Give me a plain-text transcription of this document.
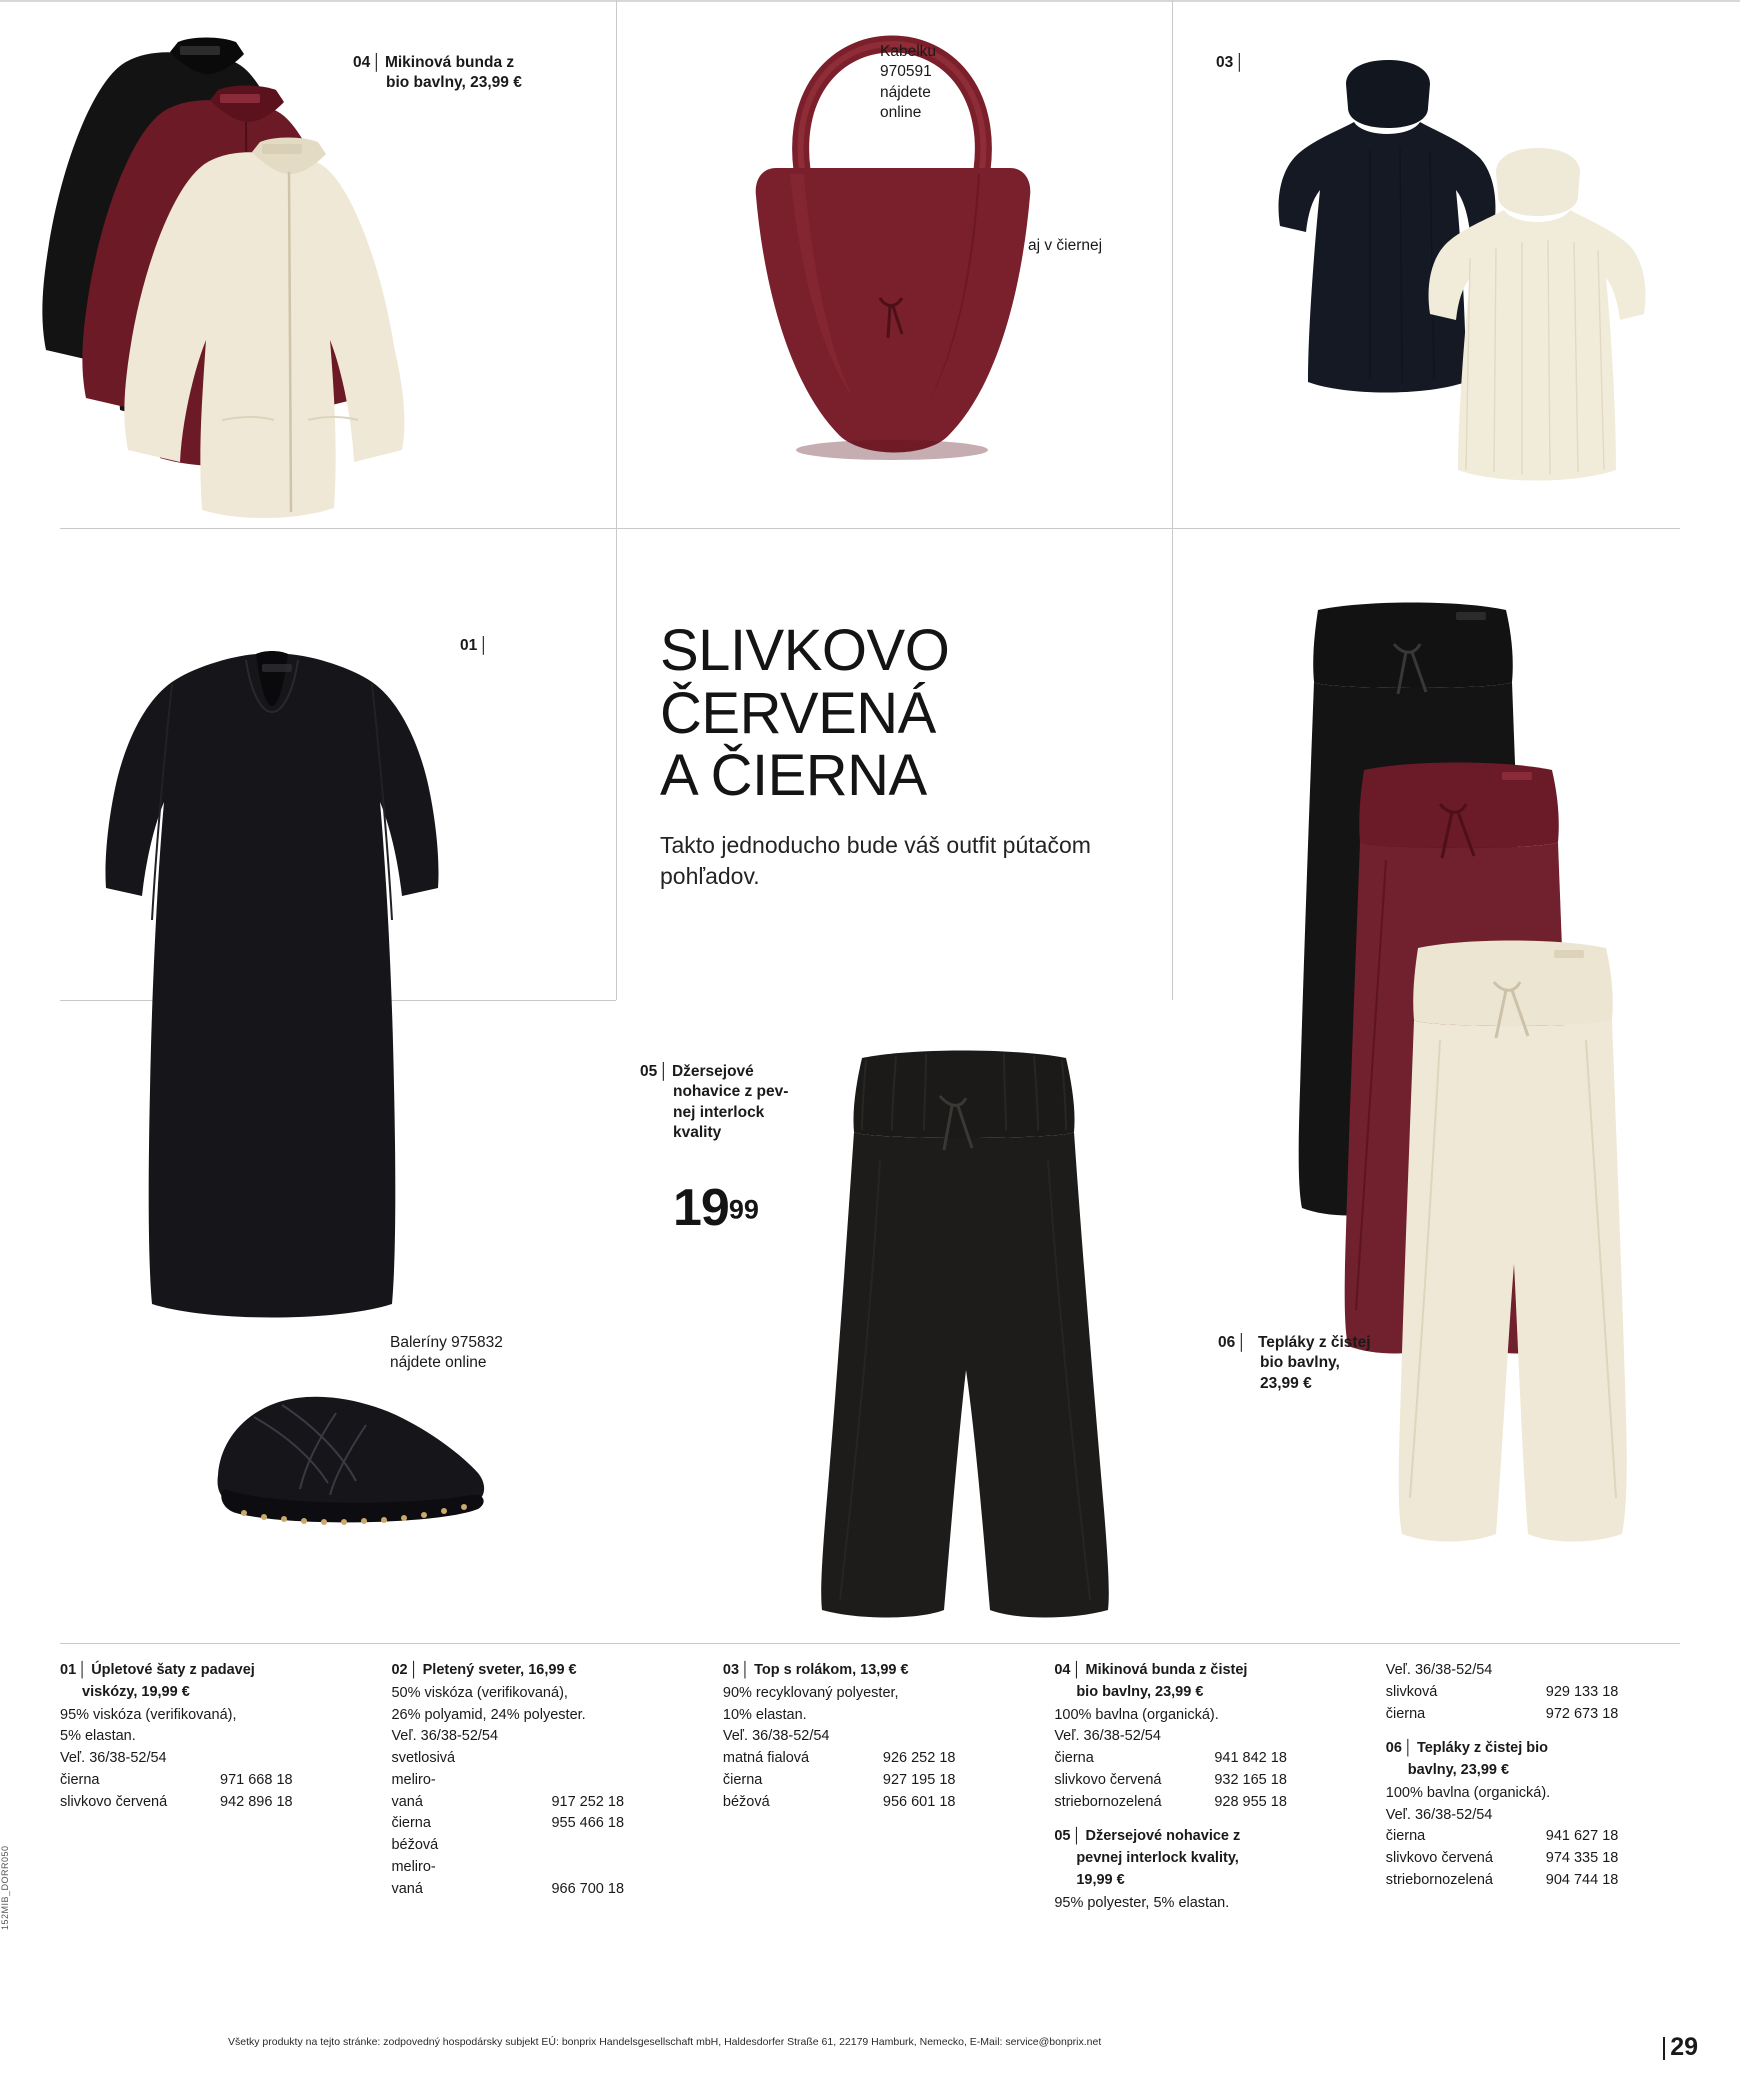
04 │ Mikinová bunda z
bio bavlny, 23,99 €
Kabelku
970591
nájdete
online
aj v čiernej
03 │
SLIVKOVO
ČERVENÁ
A ČIERNA

Takto jednoducho bude váš outfit pútačom pohľadov.

01 │
Baleríny 975832
nájdete online
05 │ Džersejové
nohavice z pev-
nej interlock
kvality
1999
06 │ Tepláky z čistej
bio bavlny,
23,99 €
01 │ Úpletové šaty z padavej
viskózy, 19,99 €
95% viskóza (verifikovaná),
5% elastan.
Veľ. 36/38-52/54
čierna	971 668 18
slivkovo červená	942 896 18
02 │ Pletený sveter, 16,99 €
50% viskóza (verifikovaná),
26% polyamid, 24% polyester.
Veľ. 36/38-52/54
svetlosivá
meliro-
vaná	917 252 18
čierna	955 466 18
béžová
meliro-
vaná	966 700 18
03 │ Top s rolákom, 13,99 €
90% recyklovaný polyester,
10% elastan.
Veľ. 36/38-52/54
matná fialová	926 252 18
čierna	927 195 18
béžová	956 601 18
04 │ Mikinová bunda z čistej
bio bavlny, 23,99 €
100% bavlna (organická).
Veľ. 36/38-52/54
čierna	941 842 18
slivkovo červená	932 165 18
striebornozelená	928 955 18
05 │ Džersejové nohavice z
pevnej interlock kvality,
19,99 €
95% polyester, 5% elastan.
Veľ. 36/38-52/54
slivková	929 133 18
čierna	972 673 18
06 │ Tepláky z čistej bio
bavlny, 23,99 €
100% bavlna (organická).
Veľ. 36/38-52/54
čierna	941 627 18
slivkovo červená	974 335 18
striebornozelená	904 744 18
Všetky produkty na tejto stránke: zodpovedný hospodársky subjekt EÚ: bonprix Handelsgesellschaft mbH, Haldesdorfer Straße 61, 22179 Hamburk, Nemecko, E-Mail: service@bonprix.net	| 29
152MIB_DORR050
